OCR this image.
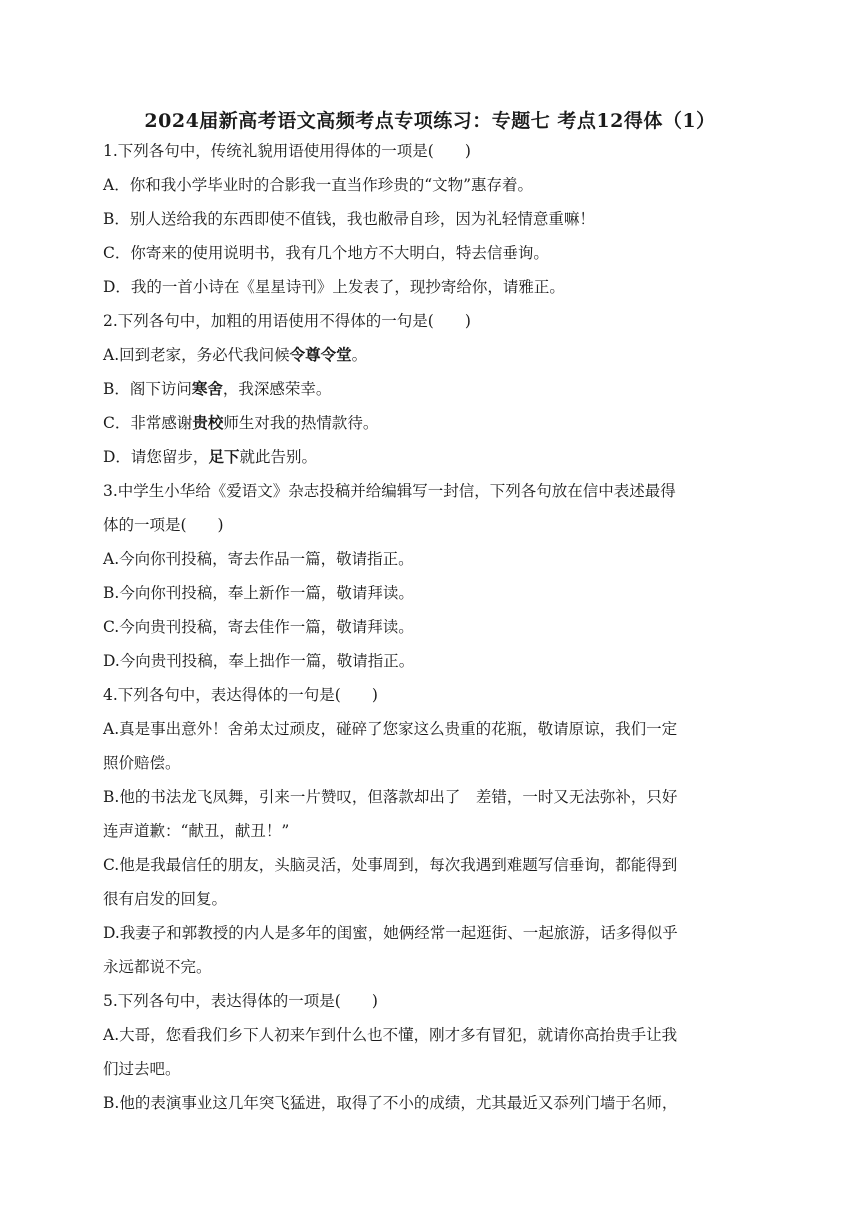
2024届新高考语文高频考点专项练习：专题七 考点12得体（1）
1.下列各句中，传统礼貌用语使用得体的一项是(　　)
A．你和我小学毕业时的合影我一直当作珍贵的“文物”惠存着。
B．别人送给我的东西即使不值钱，我也敝帚自珍，因为礼轻情意重嘛！
C．你寄来的使用说明书，我有几个地方不大明白，特去信垂询。
D．我的一首小诗在《星星诗刊》上发表了，现抄寄给你，请雅正。
2.下列各句中，加粗的用语使用不得体的一句是(　　)
A.回到老家，务必代我问候令尊令堂。
B．阁下访问寒舍，我深感荣幸。
C．非常感谢贵校师生对我的热情款待。
D．请您留步，足下就此告别。
3.中学生小华给《爱语文》杂志投稿并给编辑写一封信，下列各句放在信中表述最得
体的一项是(　　)
A.今向你刊投稿，寄去作品一篇，敬请指正。
B.今向你刊投稿，奉上新作一篇，敬请拜读。
C.今向贵刊投稿，寄去佳作一篇，敬请拜读。
D.今向贵刊投稿，奉上拙作一篇，敬请指正。
4.下列各句中，表达得体的一句是(　　)
A.真是事出意外！舍弟太过顽皮，碰碎了您家这么贵重的花瓶，敬请原谅，我们一定
照价赔偿。
B.他的书法龙飞凤舞，引来一片赞叹，但落款却出了　差错，一时又无法弥补，只好
连声道歉：“献丑，献丑！”
C.他是我最信任的朋友，头脑灵活，处事周到，每次我遇到难题写信垂询，都能得到
很有启发的回复。
D.我妻子和郭教授的内人是多年的闺蜜，她俩经常一起逛街、一起旅游，话多得似乎
永远都说不完。
5.下列各句中，表达得体的一项是(　　)
A.大哥，您看我们乡下人初来乍到什么也不懂，刚才多有冒犯，就请你高抬贵手让我
们过去吧。
B.他的表演事业这几年突飞猛进，取得了不小的成绩，尤其最近又忝列门墙于名师，
